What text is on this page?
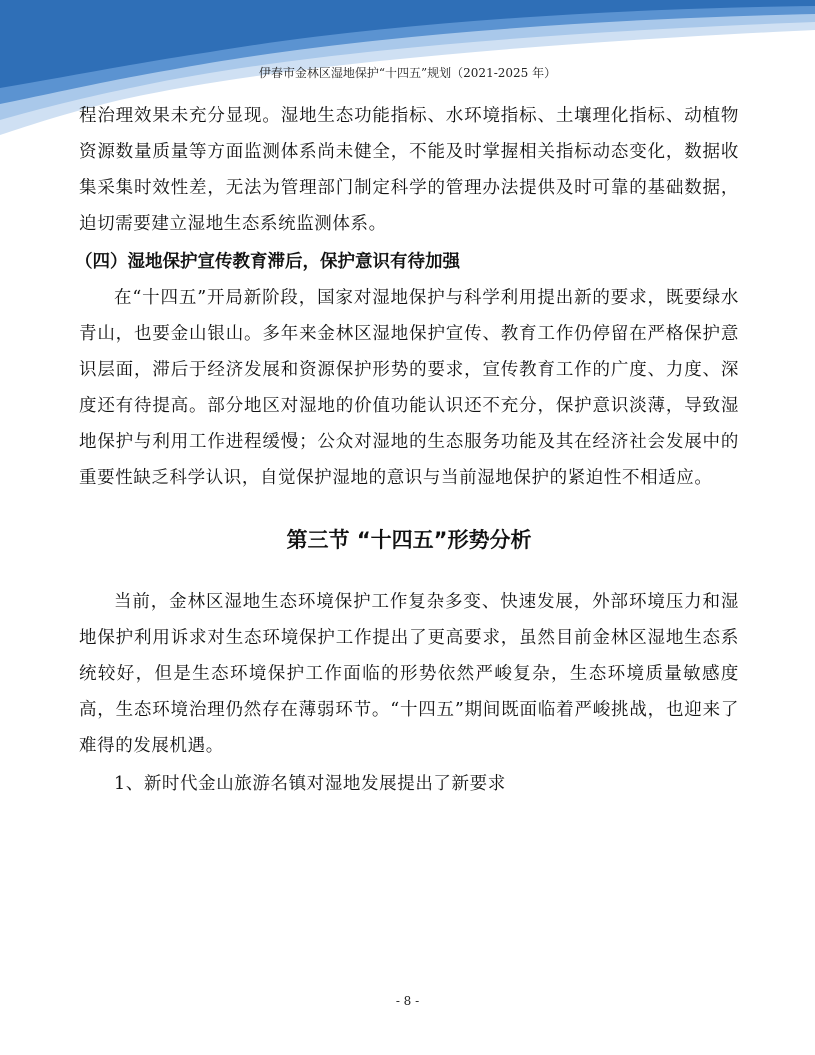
伊春市金林区湿地保护“十四五”规划（2021-2025 年）

程治理效果未充分显现。湿地生态功能指标、水环境指标、土壤理化指标、动植物资源数量质量等方面监测体系尚未健全，不能及时掌握相关指标动态变化，数据收集采集时效性差，无法为管理部门制定科学的管理办法提供及时可靠的基础数据，迫切需要建立湿地生态系统监测体系。

（四）湿地保护宣传教育滞后，保护意识有待加强

在“十四五”开局新阶段，国家对湿地保护与科学利用提出新的要求，既要绿水青山，也要金山银山。多年来金林区湿地保护宣传、教育工作仍停留在严格保护意识层面，滞后于经济发展和资源保护形势的要求，宣传教育工作的广度、力度、深度还有待提高。部分地区对湿地的价值功能认识还不充分，保护意识淡薄，导致湿地保护与利用工作进程缓慢；公众对湿地的生态服务功能及其在经济社会发展中的重要性缺乏科学认识，自觉保护湿地的意识与当前湿地保护的紧迫性不相适应。

第三节 “十四五”形势分析

当前，金林区湿地生态环境保护工作复杂多变、快速发展，外部环境压力和湿地保护利用诉求对生态环境保护工作提出了更高要求，虽然目前金林区湿地生态系统较好，但是生态环境保护工作面临的形势依然严峻复杂，生态环境质量敏感度高，生态环境治理仍然存在薄弱环节。“十四五”期间既面临着严峻挑战，也迎来了难得的发展机遇。

1、新时代金山旅游名镇对湿地发展提出了新要求

- 8 -
